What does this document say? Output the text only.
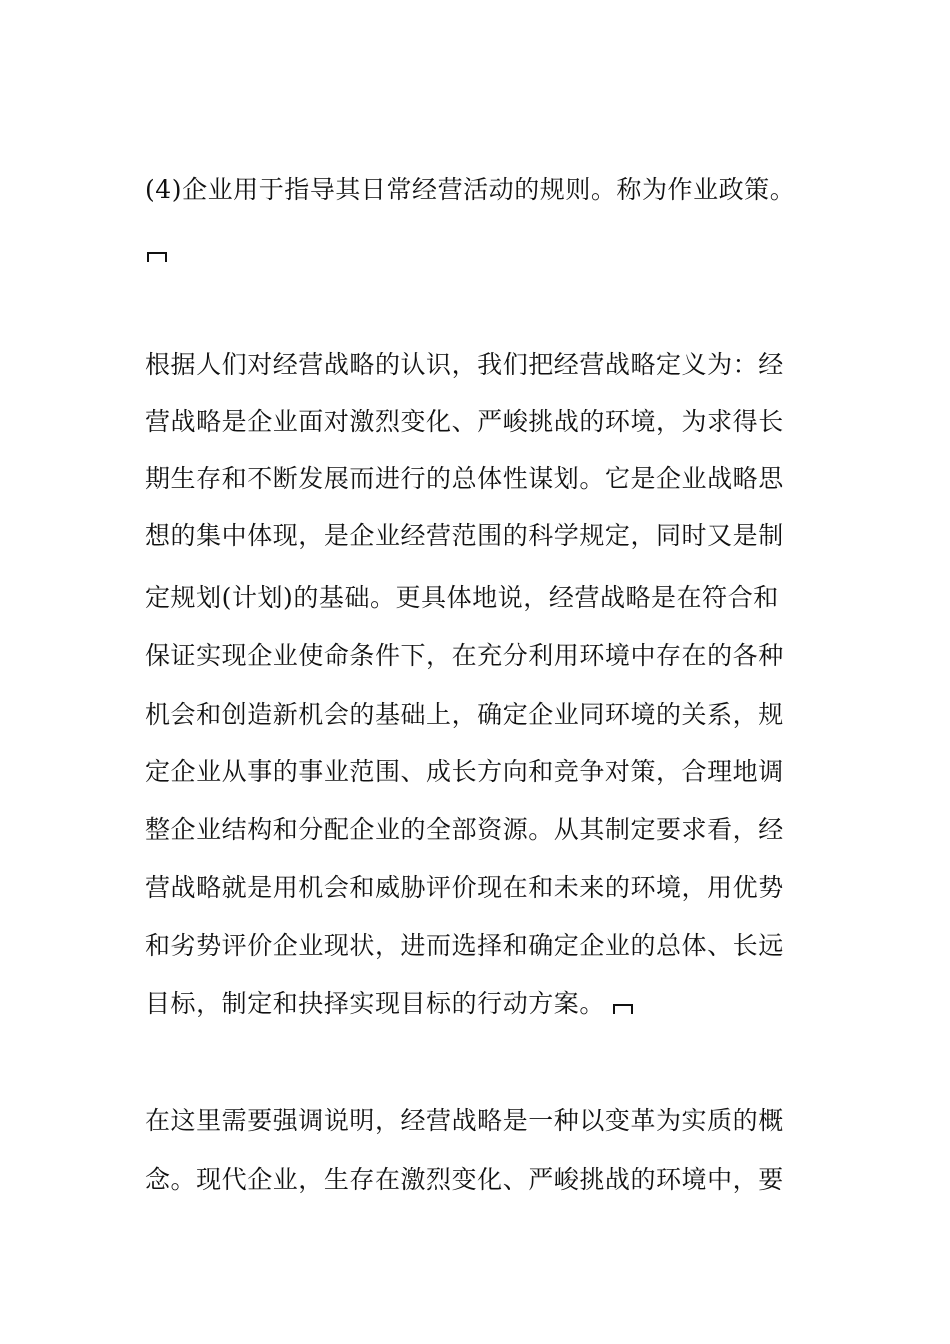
(4)企业用于指导其日常经营活动的规则。称为作业政策。
根据人们对经营战略的认识，我们把经营战略定义为：经
营战略是企业面对激烈变化、严峻挑战的环境，为求得长
期生存和不断发展而进行的总体性谋划。它是企业战略思
想的集中体现，是企业经营范围的科学规定，同时又是制
定规划(计划)的基础。更具体地说，经营战略是在符合和
保证实现企业使命条件下，在充分利用环境中存在的各种
机会和创造新机会的基础上，确定企业同环境的关系，规
定企业从事的事业范围、成长方向和竞争对策，合理地调
整企业结构和分配企业的全部资源。从其制定要求看，经
营战略就是用机会和威胁评价现在和未来的环境，用优势
和劣势评价企业现状，进而选择和确定企业的总体、长远
目标，制定和抉择实现目标的行动方案。
在这里需要强调说明，经营战略是一种以变革为实质的概
念。现代企业，生存在激烈变化、严峻挑战的环境中，要
